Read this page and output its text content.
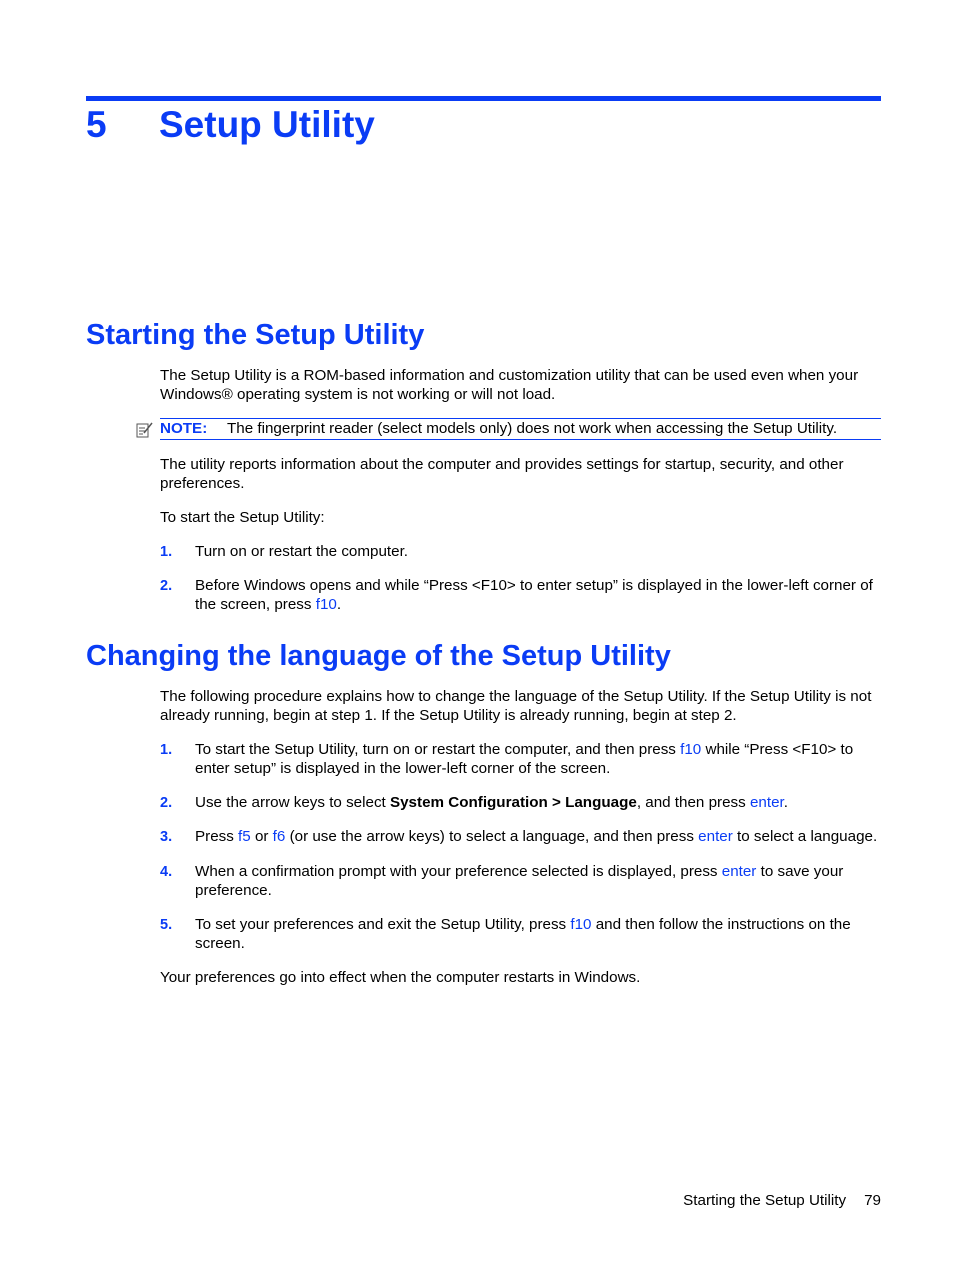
5 Setup Utility
Starting the Setup Utility

The Setup Utility is a ROM-based information and customization utility that can be used even when your Windows® operating system is not working or will not load.

NOTE: The fingerprint reader (select models only) does not work when accessing the Setup Utility.

The utility reports information about the computer and provides settings for startup, security, and other preferences.

To start the Setup Utility:

1. Turn on or restart the computer.
2. Before Windows opens and while “Press <F10> to enter setup” is displayed in the lower-left corner of the screen, press f10.
Changing the language of the Setup Utility

The following procedure explains how to change the language of the Setup Utility. If the Setup Utility is not already running, begin at step 1. If the Setup Utility is already running, begin at step 2.

1. To start the Setup Utility, turn on or restart the computer, and then press f10 while “Press <F10> to enter setup” is displayed in the lower-left corner of the screen.
2. Use the arrow keys to select System Configuration > Language, and then press enter.
3. Press f5 or f6 (or use the arrow keys) to select a language, and then press enter to select a language.
4. When a confirmation prompt with your preference selected is displayed, press enter to save your preference.
5. To set your preferences and exit the Setup Utility, press f10 and then follow the instructions on the screen.

Your preferences go into effect when the computer restarts in Windows.

Starting the Setup Utility 79
